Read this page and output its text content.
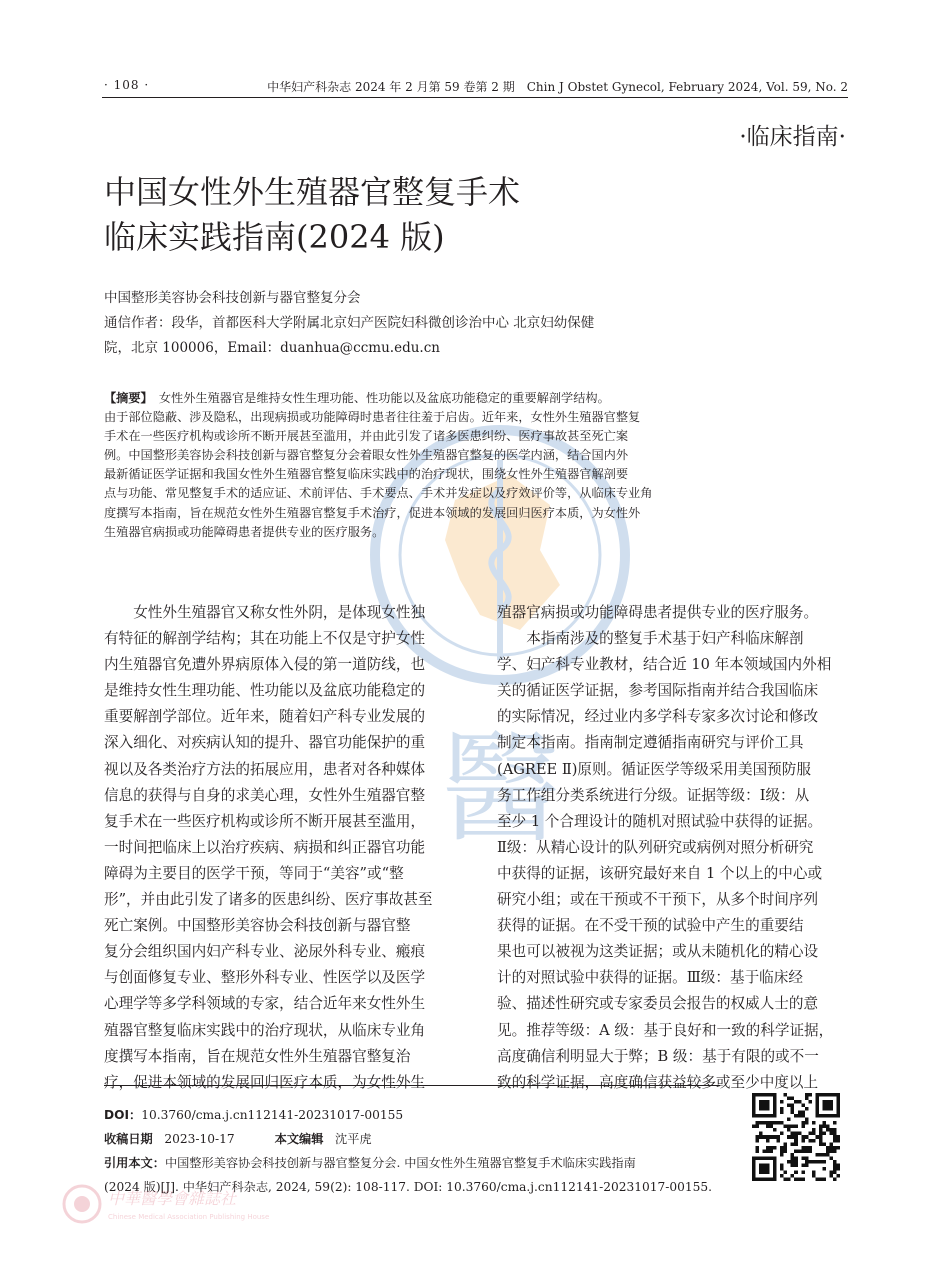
· 108 ·	中华妇产科杂志 2024 年 2 月第 59 卷第 2 期　Chin J Obstet Gynecol, February 2024, Vol. 59, No. 2
·临床指南·
中国女性外生殖器官整复手术
临床实践指南(2024 版)
中国整形美容协会科技创新与器官整复分会
通信作者：段华，首都医科大学附属北京妇产医院妇科微创诊治中心 北京妇幼保健
院，北京 100006，Email：duanhua@ccmu.edu.cn
醫
【摘要】　女性外生殖器官是维持女性生理功能、性功能以及盆底功能稳定的重要解剖学结构。
由于部位隐蔽、涉及隐私，出现病损或功能障碍时患者往往羞于启齿。近年来，女性外生殖器官整复
手术在一些医疗机构或诊所不断开展甚至滥用，并由此引发了诸多医患纠纷、医疗事故甚至死亡案
例。中国整形美容协会科技创新与器官整复分会着眼女性外生殖器官整复的医学内涵，结合国内外
最新循证医学证据和我国女性外生殖器官整复临床实践中的治疗现状，围绕女性外生殖器官解剖要
点与功能、常见整复手术的适应证、术前评估、手术要点、手术并发症以及疗效评价等，从临床专业角
度撰写本指南，旨在规范女性外生殖器官整复手术治疗，促进本领域的发展回归医疗本质，为女性外
生殖器官病损或功能障碍患者提供专业的医疗服务。
　　女性外生殖器官又称女性外阴，是体现女性独
有特征的解剖学结构；其在功能上不仅是守护女性
内生殖器官免遭外界病原体入侵的第一道防线，也
是维持女性生理功能、性功能以及盆底功能稳定的
重要解剖学部位。近年来，随着妇产科专业发展的
深入细化、对疾病认知的提升、器官功能保护的重
视以及各类治疗方法的拓展应用，患者对各种媒体
信息的获得与自身的求美心理，女性外生殖器官整
复手术在一些医疗机构或诊所不断开展甚至滥用，
一时间把临床上以治疗疾病、病损和纠正器官功能
障碍为主要目的医学干预，等同于“美容”或“整
形”，并由此引发了诸多的医患纠纷、医疗事故甚至
死亡案例。中国整形美容协会科技创新与器官整
复分会组织国内妇产科专业、泌尿外科专业、瘢痕
与创面修复专业、整形外科专业、性医学以及医学
心理学等多学科领域的专家，结合近年来女性外生
殖器官整复临床实践中的治疗现状，从临床专业角
度撰写本指南，旨在规范女性外生殖器官整复治
疗，促进本领域的发展回归医疗本质，为女性外生
殖器官病损或功能障碍患者提供专业的医疗服务。
　　本指南涉及的整复手术基于妇产科临床解剖
学、妇产科专业教材，结合近 10 年本领域国内外相
关的循证医学证据，参考国际指南并结合我国临床
的实际情况，经过业内多学科专家多次讨论和修改
制定本指南。指南制定遵循指南研究与评价工具
(AGREE Ⅱ)原则。循证医学等级采用美国预防服
务工作组分类系统进行分级。证据等级：Ⅰ级：从
至少 1 个合理设计的随机对照试验中获得的证据。
Ⅱ级：从精心设计的队列研究或病例对照分析研究
中获得的证据，该研究最好来自 1 个以上的中心或
研究小组；或在干预或不干预下，从多个时间序列
获得的证据。在不受干预的试验中产生的重要结
果也可以被视为这类证据；或从未随机化的精心设
计的对照试验中获得的证据。Ⅲ级：基于临床经
验、描述性研究或专家委员会报告的权威人士的意
见。推荐等级：A 级：基于良好和一致的科学证据，
高度确信利明显大于弊；B 级：基于有限的或不一
致的科学证据，高度确信获益较多或至少中度以上
DOI：10.3760/cma.j.cn112141-20231017-00155
收稿日期 2023-10-17	本文编辑 沈平虎
引用本文：中国整形美容协会科技创新与器官整复分会. 中国女性外生殖器官整复手术临床实践指南
(2024 版)[J]. 中华妇产科杂志, 2024, 59(2): 108-117. DOI: 10.3760/cma.j.cn112141-20231017-00155.
中華醫學會雜誌社
Chinese Medical Association Publishing House
